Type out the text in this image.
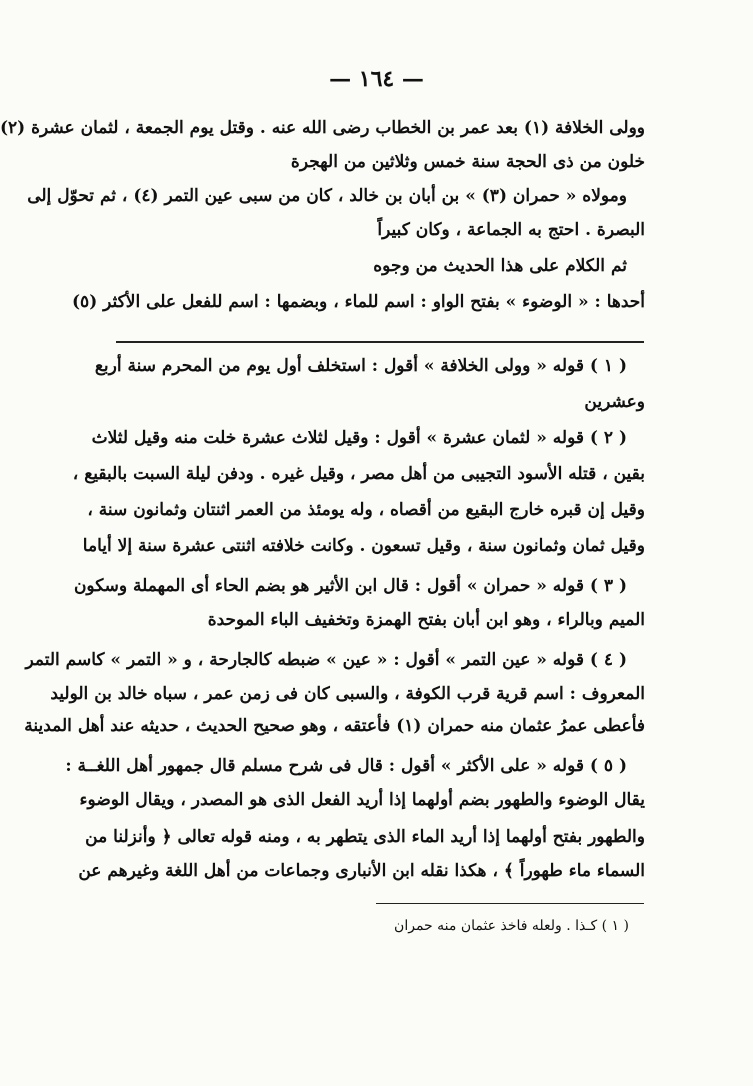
— ١٦٤ —
وولى الخلافة (١) بعد عمر بن الخطاب رضى الله عنه . وقتل يوم الجمعة ، لثمان عشرة (٢)
خلون من ذى الحجة سنة خمس وثلاثين من الهجرة
ومولاه « حمران (٣) » بن أبان بن خالد ، كان من سبى عين التمر (٤) ، ثم تحوّل إلى
البصرة . احتج به الجماعة ، وكان كبيراً
ثم الكلام على هذا الحديث من وجوه
أحدها : « الوضوء » بفتح الواو : اسم للماء ، وبضمها : اسم للفعل على الأكثر (٥)
( ١ ) قوله « وولى الخلافة » أقول : استخلف أول يوم من المحرم سنة أربع
وعشرين
( ٢ ) قوله « لثمان عشرة » أقول : وقيل لثلاث عشرة خلت منه وقيل لثلاث
بقين ، قتله الأسود التجيبى من أهل مصر ، وقيل غيره . ودفن ليلة السبت بالبقيع ،
وقيل إن قبره خارج البقيع من أقصاه ، وله يومئذ من العمر اثنتان وثمانون سنة ،
وقيل ثمان وثمانون سنة ، وقيل تسعون . وكانت خلافته اثنتى عشرة سنة إلا أياما
( ٣ ) قوله « حمران » أقول : قال ابن الأثير هو بضم الحاء أى المهملة وسكون
الميم وبالراء ، وهو ابن أبان بفتح الهمزة وتخفيف الباء الموحدة
( ٤ ) قوله « عين التمر » أقول : « عين » ضبطه كالجارحة ، و « التمر » كاسم التمر
المعروف : اسم قرية قرب الكوفة ، والسبى كان فى زمن عمر ، سباه خالد بن الوليد
فأعطى عمرُ عثمان منه حمران (١) فأعتقه ، وهو صحيح الحديث ، حديثه عند أهل المدينة
( ٥ ) قوله « على الأكثر » أقول : قال فى شرح مسلم قال جمهور أهل اللغــة :
يقال الوضوء والطهور بضم أولهما إذا أريد الفعل الذى هو المصدر ، ويقال الوضوء
والطهور بفتح أولهما إذا أريد الماء الذى يتطهر به ، ومنه قوله تعالى ﴿ وأنزلنا من
السماء ماء طهوراً ﴾ ، هكذا نقله ابن الأنبارى وجماعات من أهل اللغة وغيرهم عن
( ١ ) كـذا . ولعله فاخذ عثمان منه حمران
